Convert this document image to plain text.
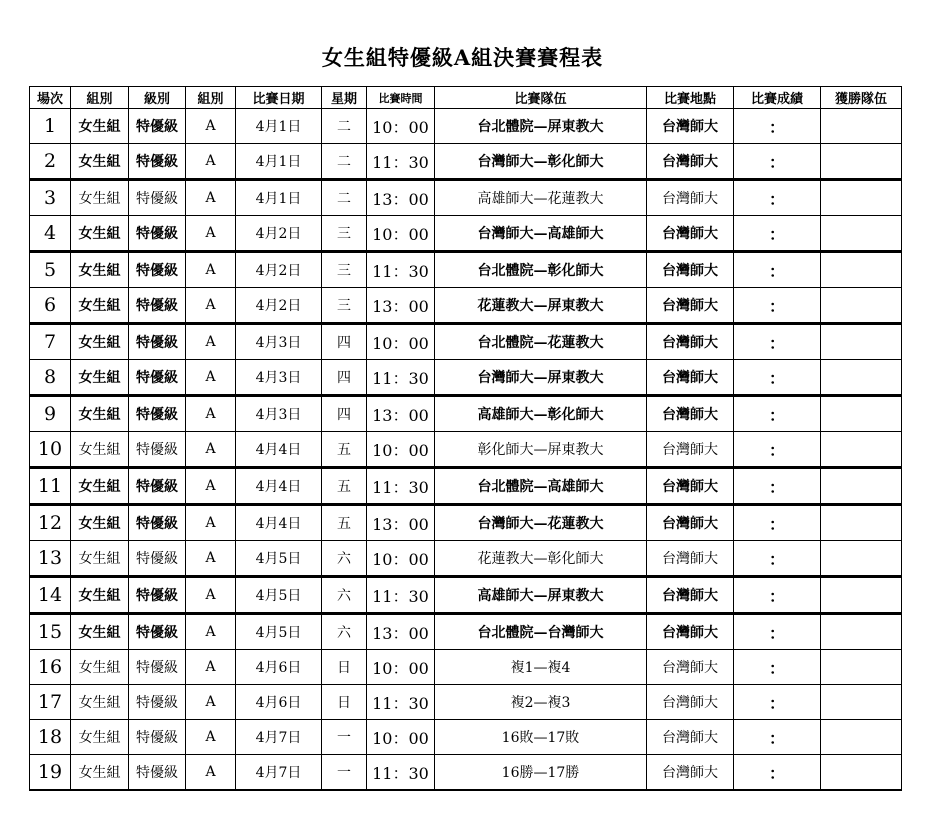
女生組特優級A組決賽賽程表
場次	組別	級別	組別	比賽日期	星期	比賽時間	比賽隊伍	比賽地點	比賽成績	獲勝隊伍
1	女生組	特優級	A	4月1日	二	10：00	台北體院—屏東教大	台灣師大	：	
2	女生組	特優級	A	4月1日	二	11：30	台灣師大—彰化師大	台灣師大	：	
3	女生組	特優級	A	4月1日	二	13：00	高雄師大—花蓮教大	台灣師大	：	
4	女生組	特優級	A	4月2日	三	10：00	台灣師大—高雄師大	台灣師大	：	
5	女生組	特優級	A	4月2日	三	11：30	台北體院—彰化師大	台灣師大	：	
6	女生組	特優級	A	4月2日	三	13：00	花蓮教大—屏東教大	台灣師大	：	
7	女生組	特優級	A	4月3日	四	10：00	台北體院—花蓮教大	台灣師大	：	
8	女生組	特優級	A	4月3日	四	11：30	台灣師大—屏東教大	台灣師大	：	
9	女生組	特優級	A	4月3日	四	13：00	高雄師大—彰化師大	台灣師大	：	
10	女生組	特優級	A	4月4日	五	10：00	彰化師大—屏東教大	台灣師大	：	
11	女生組	特優級	A	4月4日	五	11：30	台北體院—高雄師大	台灣師大	：	
12	女生組	特優級	A	4月4日	五	13：00	台灣師大—花蓮教大	台灣師大	：	
13	女生組	特優級	A	4月5日	六	10：00	花蓮教大—彰化師大	台灣師大	：	
14	女生組	特優級	A	4月5日	六	11：30	高雄師大—屏東教大	台灣師大	：	
15	女生組	特優級	A	4月5日	六	13：00	台北體院—台灣師大	台灣師大	：	
16	女生組	特優級	A	4月6日	日	10：00	複1—複4	台灣師大	：	
17	女生組	特優級	A	4月6日	日	11：30	複2—複3	台灣師大	：	
18	女生組	特優級	A	4月7日	一	10：00	16敗—17敗	台灣師大	：	
19	女生組	特優級	A	4月7日	一	11：30	16勝—17勝	台灣師大	：	
